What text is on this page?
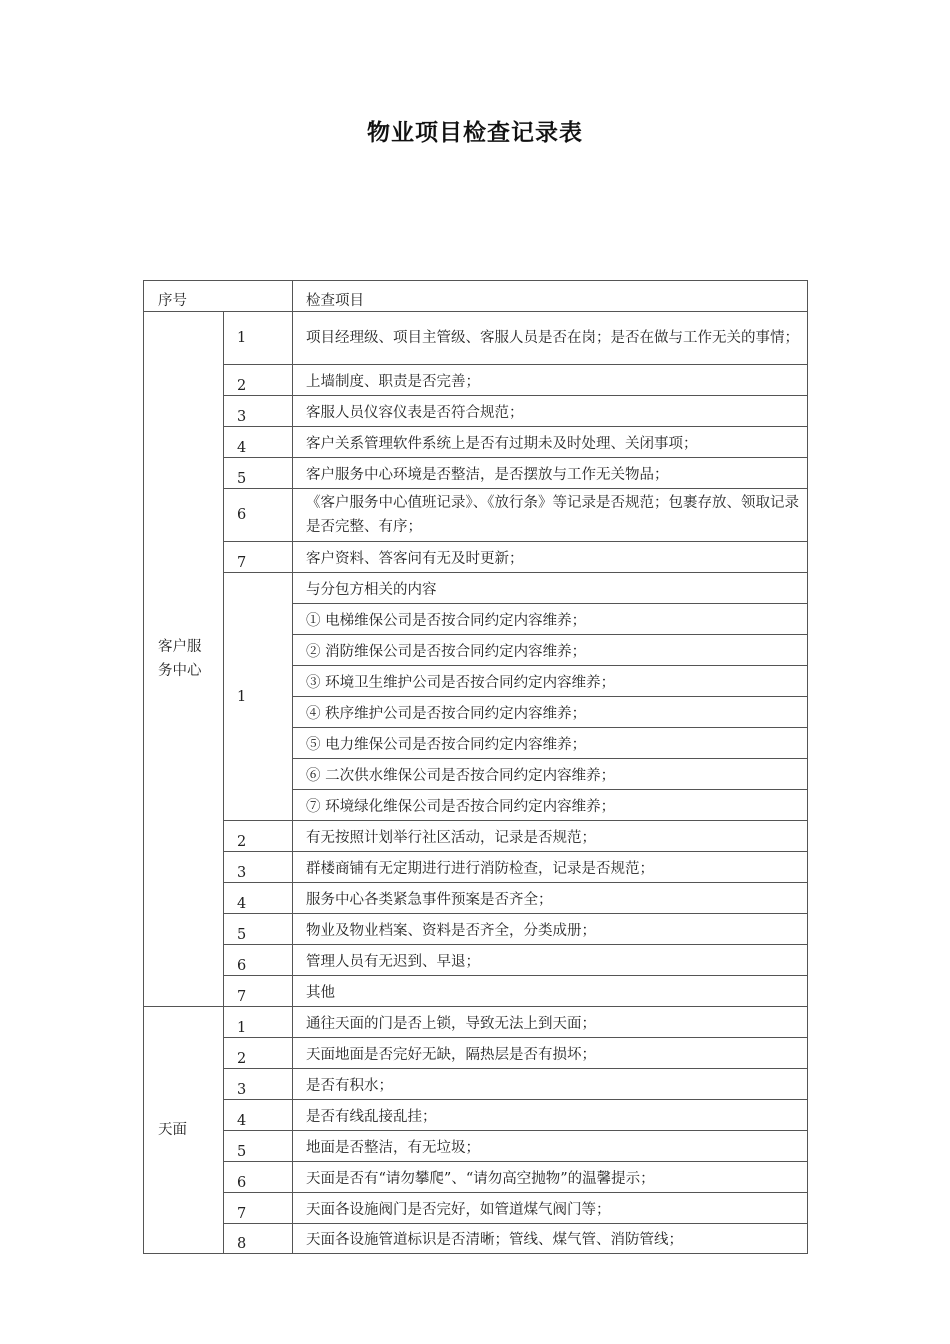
物业项目检查记录表
序号		检查项目

客户服务中心	1	项目经理级、项目主管级、客服人员是否在岗；是否在做与工作无关的事情；
	2	上墙制度、职责是否完善；
	3	客服人员仪容仪表是否符合规范；
	4	客户关系管理软件系统上是否有过期未及时处理、关闭事项；
	5	客户服务中心环境是否整洁，是否摆放与工作无关物品；
	6	《客户服务中心值班记录》、《放行条》等记录是否规范；包裹存放、领取记录是否完整、有序；
	7	客户资料、答客问有无及时更新；
	1	与分包方相关的内容
		① 电梯维保公司是否按合同约定内容维养；
		② 消防维保公司是否按合同约定内容维养；
		③ 环境卫生维护公司是否按合同约定内容维养；
		④ 秩序维护公司是否按合同约定内容维养；
		⑤ 电力维保公司是否按合同约定内容维养；
		⑥ 二次供水维保公司是否按合同约定内容维养；
		⑦ 环境绿化维保公司是否按合同约定内容维养；
	2	有无按照计划举行社区活动，记录是否规范；
	3	群楼商铺有无定期进行进行消防检查，记录是否规范；
	4	服务中心各类紧急事件预案是否齐全；
	5	物业及物业档案、资料是否齐全，分类成册；
	6	管理人员有无迟到、早退；
	7	其他
天面	1	通往天面的门是否上锁，导致无法上到天面；
	2	天面地面是否完好无缺，隔热层是否有损坏；
	3	是否有积水；
	4	是否有线乱接乱挂；
	5	地面是否整洁，有无垃圾；
	6	天面是否有“请勿攀爬”、“请勿高空抛物”的温馨提示；
	7	天面各设施阀门是否完好，如管道煤气阀门等；
	8	天面各设施管道标识是否清晰；管线、煤气管、消防管线；
